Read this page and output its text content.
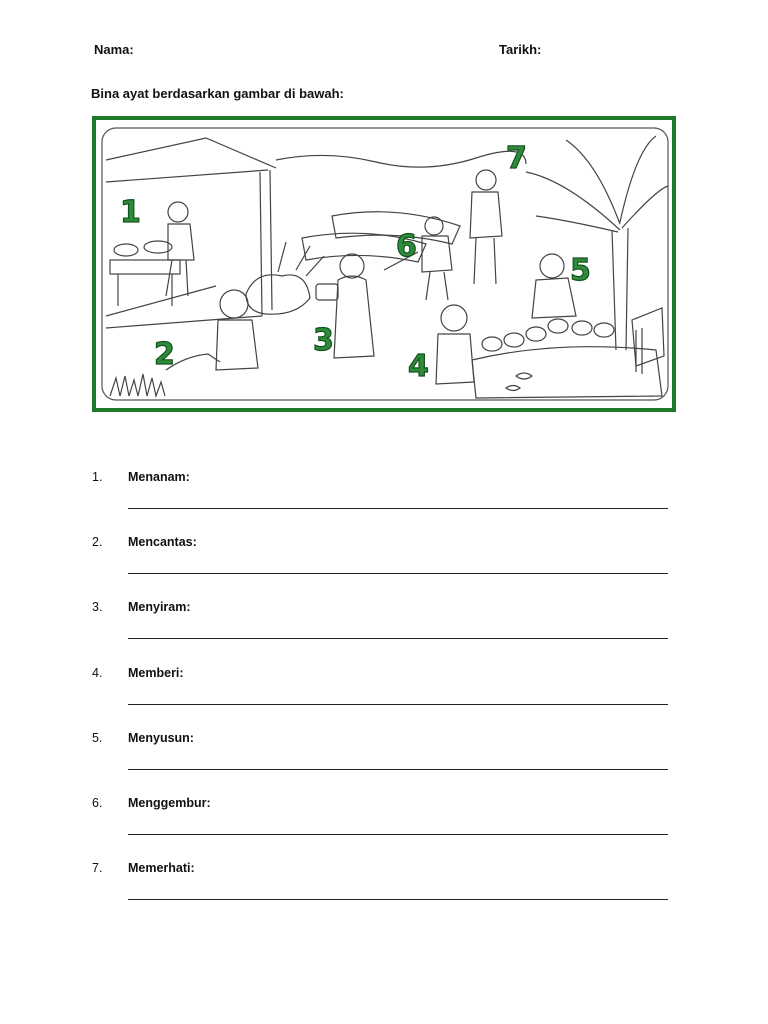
Nama:	Tarikh:
Bina ayat berdasarkan gambar di bawah:
1
2	3
4
5
6
7
1. Menanam:
2. Mencantas:
3. Menyiram:
4. Memberi:
5. Menyusun:
6. Menggembur:
7. Memerhati:
